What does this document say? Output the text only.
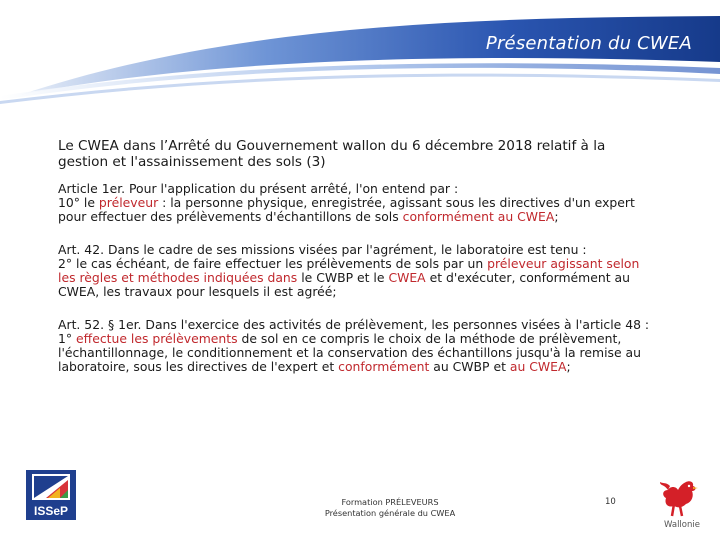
Présentation du CWEA
Le CWEA dans l’Arrêté du Gouvernement wallon du 6 décembre 2018 relatif à la
gestion et l'assainissement des sols (3)
Article 1er. Pour l'application du présent arrêté, l'on entend par :
10° le préleveur : la personne physique, enregistrée, agissant sous les directives d'un expert
pour effectuer des prélèvements d'échantillons de sols conformément au CWEA;
Art. 42. Dans le cadre de ses missions visées par l'agrément, le laboratoire est tenu :
2° le cas échéant, de faire effectuer les prélèvements de sols par un préleveur agissant selon
les règles et méthodes indiquées dans le CWBP et le CWEA et d'exécuter, conformément au
CWEA, les travaux pour lesquels il est agréé;
Art. 52. § 1er. Dans l'exercice des activités de prélèvement, les personnes visées à l'article 48 :
1° effectue les prélèvements de sol en ce compris le choix de la méthode de prélèvement,
l'échantillonnage, le conditionnement et la conservation des échantillons jusqu'à la remise au
laboratoire, sous les directives de l'expert et conformément au CWBP et au CWEA;
ISSeP
Formation PRÉLEVEURS
Présentation générale du CWEA
10
Wallonie
